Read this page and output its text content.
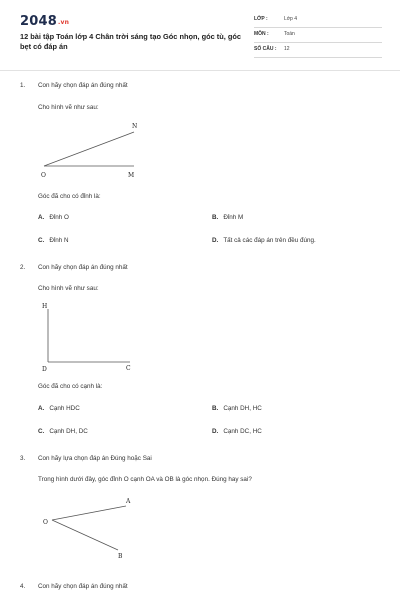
2048.vn
12 bài tập Toán lớp 4 Chân trời sáng tạo Góc nhọn, góc tù, góc bẹt có đáp án
LỚP :	Lớp 4
MÔN :	Toán
SỐ CÂU : 12
1. Con hãy chọn đáp án đúng nhất
Cho hình vẽ như sau:
N
O	M
Góc đã cho có đỉnh là:
A. Đỉnh O	B. Đỉnh M
C. Đỉnh N	D. Tất cả các đáp án trên đều đúng.
2. Con hãy chọn đáp án đúng nhất
Cho hình vẽ như sau:
H
D	C
Góc đã cho có cạnh là:
A. Cạnh HDC	B. Cạnh DH, HC
C. Cạnh DH, DC	D. Cạnh DC, HC
3. Con hãy lựa chọn đáp án Đúng hoặc Sai
Trong hình dưới đây, góc đỉnh O cạnh OA và OB là góc nhọn. Đúng hay sai?
A
O
B
4. Con hãy chọn đáp án đúng nhất
